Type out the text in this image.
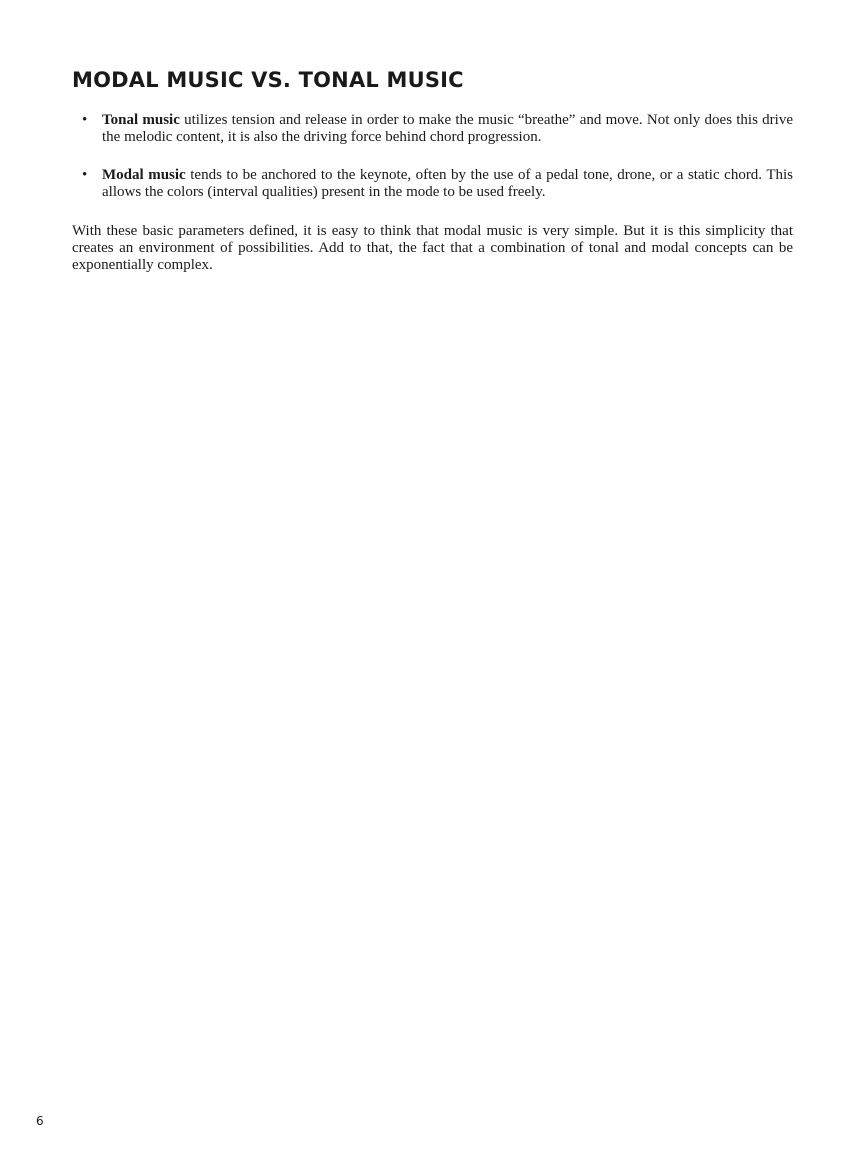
MODAL MUSIC VS. TONAL MUSIC
• Tonal music utilizes tension and release in order to make the music “breathe” and move. Not only does this drive the melodic content, it is also the driving force behind chord progression.
• Modal music tends to be anchored to the keynote, often by the use of a pedal tone, drone, or a static chord. This allows the colors (interval qualities) present in the mode to be used freely.

With these basic parameters defined, it is easy to think that modal music is very simple. But it is this simplicity that creates an environment of possibilities. Add to that, the fact that a combination of tonal and modal concepts can be exponentially complex.

6
